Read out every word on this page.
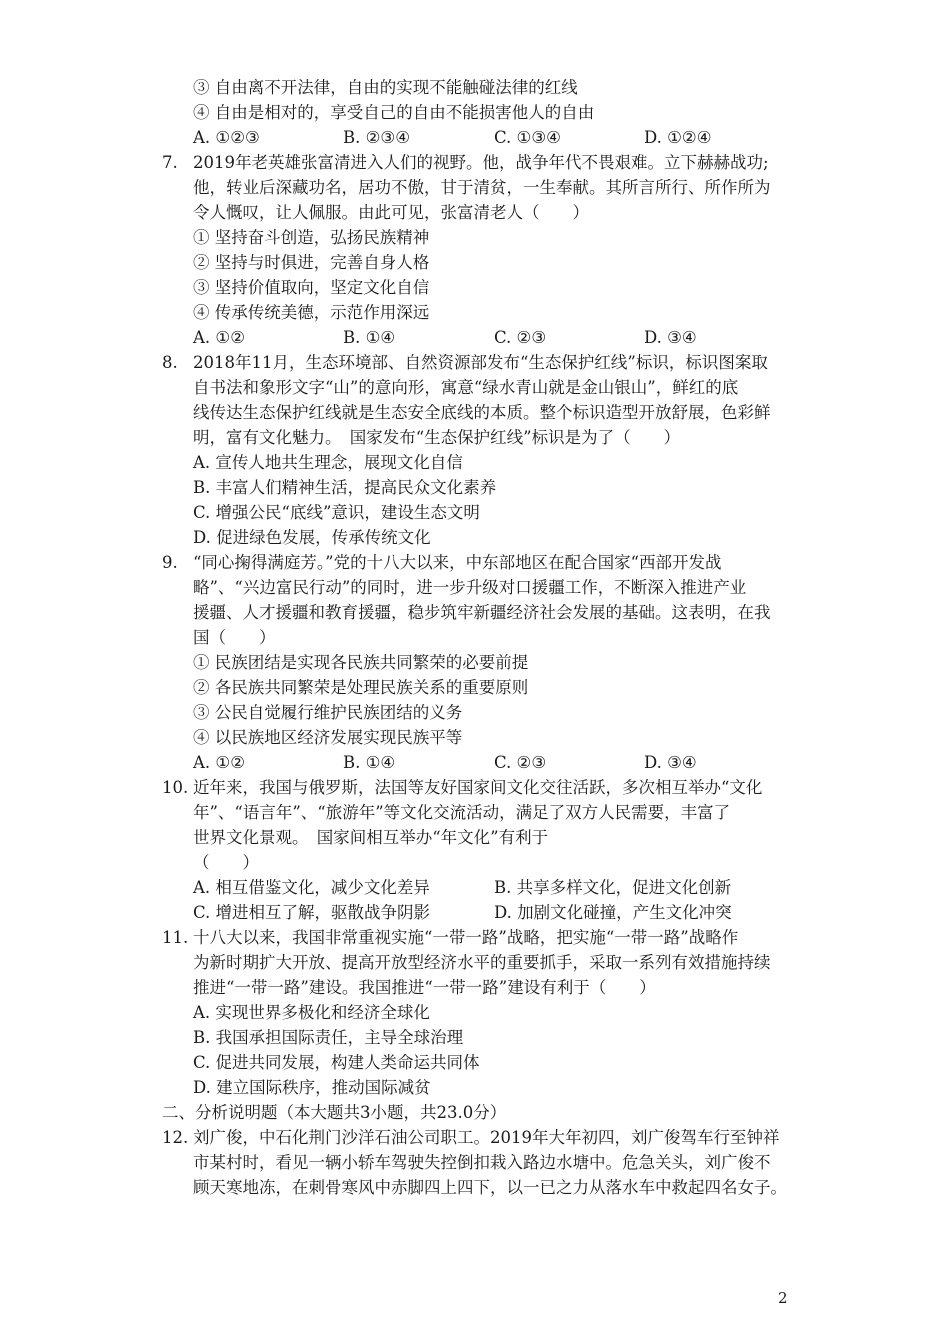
③ 自由离不开法律，自由的实现不能触碰法律的红线
④ 自由是相对的，享受自己的自由不能损害他人的自由
A. ①②③	B. ②③④	C. ①③④	D. ①②④
7. 2019年老英雄张富清进入人们的视野。他，战争年代不畏艰难。立下赫赫战功;
他，转业后深藏功名，居功不傲，甘于清贫，一生奉献。其所言所行、所作所为
令人慨叹，让人佩服。由此可见，张富清老人（　　）
① 坚持奋斗创造，弘扬民族精神
② 坚持与时俱进，完善自身人格
③ 坚持价值取向，坚定文化自信
④ 传承传统美德，示范作用深远
A. ①②	B. ①④	C. ②③	D. ③④
8. 2018年11月，生态环境部、自然资源部发布“生态保护红线”标识，标识图案取
自书法和象形文字“山”的意向形，寓意“绿水青山就是金山银山”，鲜红的底
线传达生态保护红线就是生态安全底线的本质。整个标识造型开放舒展，色彩鲜
明，富有文化魅力。　国家发布“生态保护红线”标识是为了（　　）
A. 宣传人地共生理念，展现文化自信
B. 丰富人们精神生活，提高民众文化素养
C. 增强公民“底线”意识，建设生态文明
D. 促进绿色发展，传承传统文化
9. “同心掬得满庭芳。”党的十八大以来，中东部地区在配合国家“西部开发战
略”、“兴边富民行动”的同时，进一步升级对口援疆工作，不断深入推进产业
援疆、人才援疆和教育援疆，稳步筑牢新疆经济社会发展的基础。这表明，在我
国（　　）
① 民族团结是实现各民族共同繁荣的必要前提
② 各民族共同繁荣是处理民族关系的重要原则
③ 公民自觉履行维护民族团结的义务
④ 以民族地区经济发展实现民族平等
A. ①②	B. ①④	C. ②③	D. ③④
10. 近年来，我国与俄罗斯，法国等友好国家间文化交往活跃，多次相互举办“文化
年”、“语言年”、“旅游年”等文化交流活动，满足了双方人民需要，丰富了
世界文化景观。　国家间相互举办“年文化”有利于
（　　）
A. 相互借鉴文化，减少文化差异	B. 共享多样文化，促进文化创新
C. 增进相互了解，驱散战争阴影	D. 加剧文化碰撞，产生文化冲突
11. 十八大以来，我国非常重视实施“一带一路”战略，把实施“一带一路”战略作
为新时期扩大开放、提高开放型经济水平的重要抓手，采取一系列有效措施持续
推进“一带一路”建设。我国推进“一带一路”建设有利于（　　）
A. 实现世界多极化和经济全球化
B. 我国承担国际责任，主导全球治理
C. 促进共同发展，构建人类命运共同体
D. 建立国际秩序，推动国际减贫
二、分析说明题（本大题共3小题，共23.0分）
12. 刘广俊，中石化荆门沙洋石油公司职工。2019年大年初四，刘广俊驾车行至钟祥
市某村时，看见一辆小轿车驾驶失控倒扣栽入路边水塘中。危急关头，刘广俊不
顾天寒地冻，在刺骨寒风中赤脚四上四下，以一已之力从落水车中救起四名女子。
2
